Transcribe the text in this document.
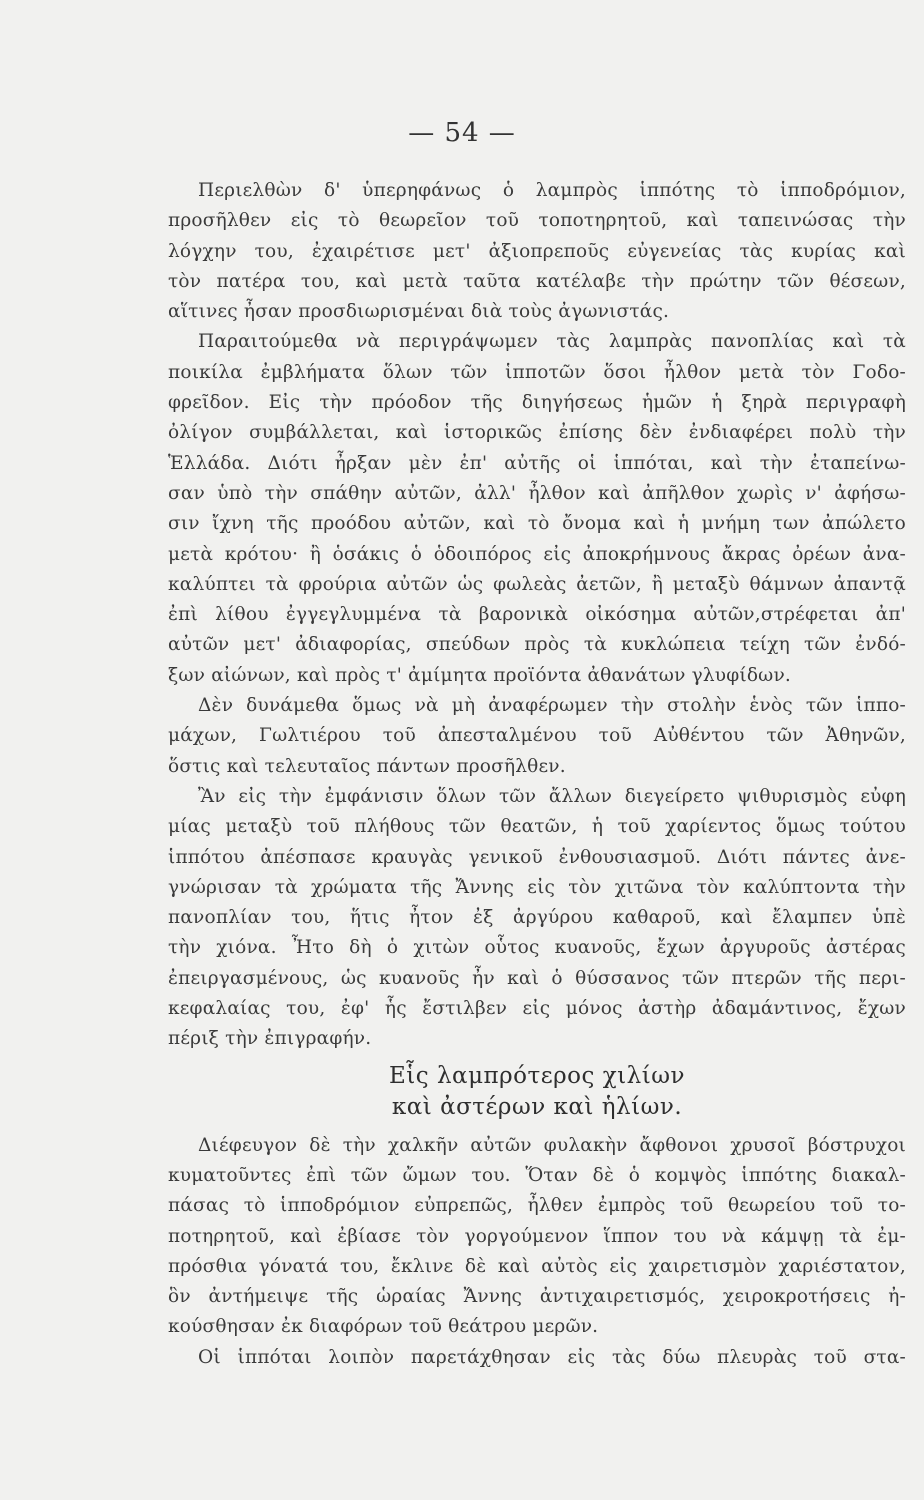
— 54 —
Περιελθὼν δ' ὑπερηφάνως ὁ λαμπρὸς ἱππότης τὸ ἱπποδρόμιον,
προσῆλθεν εἰς τὸ θεωρεῖον τοῦ τοποτηρητοῦ, καὶ ταπεινώσας τὴν
λόγχην του, ἐχαιρέτισε μετ' ἀξιοπρεποῦς εὐγενείας τὰς κυρίας καὶ
τὸν πατέρα του, καὶ μετὰ ταῦτα κατέλαβε τὴν πρώτην τῶν θέσεων,
αἵτινες ἦσαν προσδιωρισμέναι διὰ τοὺς ἀγωνιστάς.
Παραιτούμεθα νὰ περιγράψωμεν τὰς λαμπρὰς πανοπλίας καὶ τὰ
ποικίλα ἐμβλήματα ὅλων τῶν ἱπποτῶν ὅσοι ἦλθον μετὰ τὸν Γοδο-
φρεῖδον. Εἰς τὴν πρόοδον τῆς διηγήσεως ἡμῶν ἡ ξηρὰ περιγραφὴ
ὀλίγον συμβάλλεται, καὶ ἱστορικῶς ἐπίσης δὲν ἐνδιαφέρει πολὺ τὴν
Ἑλλάδα. Διότι ἦρξαν μὲν ἐπ' αὐτῆς οἱ ἱππόται, καὶ τὴν ἐταπείνω-
σαν ὑπὸ τὴν σπάθην αὐτῶν, ἀλλ' ἦλθον καὶ ἀπῆλθον χωρὶς ν' ἀφήσω-
σιν ἴχνη τῆς προόδου αὐτῶν, καὶ τὸ ὄνομα καὶ ἡ μνήμη των ἀπώλετο
μετὰ κρότου· ἢ ὁσάκις ὁ ὁδοιπόρος εἰς ἀποκρήμνους ἄκρας ὀρέων ἀνα-
καλύπτει τὰ φρούρια αὐτῶν ὡς φωλεὰς ἀετῶν, ἢ μεταξὺ θάμνων ἀπαντᾷ
ἐπὶ λίθου ἐγγεγλυμμένα τὰ βαρονικὰ οἰκόσημα αὐτῶν,στρέφεται ἀπ'
αὐτῶν μετ' ἀδιαφορίας, σπεύδων πρὸς τὰ κυκλώπεια τείχη τῶν ἐνδό-
ξων αἰώνων, καὶ πρὸς τ' ἀμίμητα προϊόντα ἀθανάτων γλυφίδων.
Δὲν δυνάμεθα ὅμως νὰ μὴ ἀναφέρωμεν τὴν στολὴν ἑνὸς τῶν ἱππο-
μάχων, Γωλτιέρου τοῦ ἀπεσταλμένου τοῦ Αὐθέντου τῶν Ἀθηνῶν,
ὅστις καὶ τελευταῖος πάντων προσῆλθεν.
Ἂν εἰς τὴν ἐμφάνισιν ὅλων τῶν ἄλλων διεγείρετο ψιθυρισμὸς εὐφη
μίας μεταξὺ τοῦ πλήθους τῶν θεατῶν, ἡ τοῦ χαρίεντος ὅμως τούτου
ἱππότου ἀπέσπασε κραυγὰς γενικοῦ ἐνθουσιασμοῦ. Διότι πάντες ἀνε-
γνώρισαν τὰ χρώματα τῆς Ἄννης εἰς τὸν χιτῶνα τὸν καλύπτοντα τὴν
πανοπλίαν του, ἥτις ἦτον ἐξ ἀργύρου καθαροῦ, καὶ ἔλαμπεν ὑπὲ
τὴν χιόνα. Ἦτο δὴ ὁ χιτὼν οὗτος κυανοῦς, ἔχων ἀργυροῦς ἀστέρας
ἐπειργασμένους, ὡς κυανοῦς ἦν καὶ ὁ θύσσανος τῶν πτερῶν τῆς περι-
κεφαλαίας του, ἐφ' ἧς ἔστιλβεν εἰς μόνος ἀστὴρ ἀδαμάντινος, ἔχων
πέριξ τὴν ἐπιγραφήν.
Εἷς λαμπρότερος χιλίων
καὶ ἀστέρων καὶ ἡλίων.
Διέφευγον δὲ τὴν χαλκῆν αὐτῶν φυλακὴν ἄφθονοι χρυσοῖ βόστρυχοι
κυματοῦντες ἐπὶ τῶν ὤμων του. Ὅταν δὲ ὁ κομψὸς ἱππότης διακαλ-
πάσας τὸ ἱπποδρόμιον εὐπρεπῶς, ἦλθεν ἐμπρὸς τοῦ θεωρείου τοῦ το-
ποτηρητοῦ, καὶ ἐβίασε τὸν γοργούμενον ἵππον του νὰ κάμψῃ τὰ ἐμ-
πρόσθια γόνατά του, ἔκλινε δὲ καὶ αὐτὸς εἰς χαιρετισμὸν χαριέστατον,
ὃν ἀντήμειψε τῆς ὡραίας Ἄννης ἀντιχαιρετισμός, χειροκροτήσεις ἠ-
κούσθησαν ἐκ διαφόρων τοῦ θεάτρου μερῶν.
Οἱ ἱππόται λοιπὸν παρετάχθησαν εἰς τὰς δύω πλευρὰς τοῦ στα-
